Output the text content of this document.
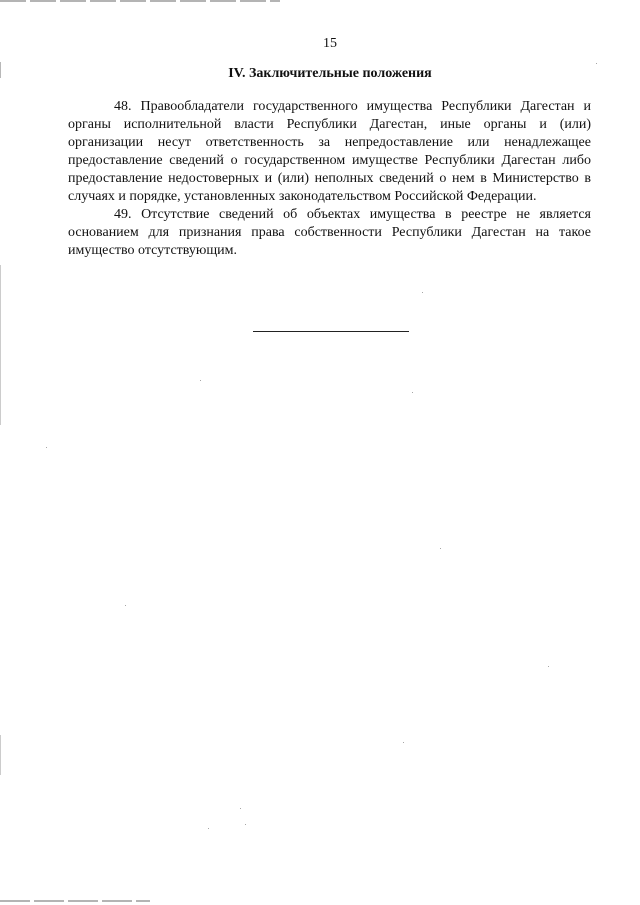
15
IV. Заключительные положения

48. Правообладатели государственного имущества Республики Дагестан и органы исполнительной власти Республики Дагестан, иные органы и (или) организации несут ответственность за непредоставление или ненадлежащее предоставление сведений о государственном имуществе Республики Дагестан либо предоставление недостоверных и (или) неполных сведений о нем в Министерство в случаях и порядке, установленных законодательством Российской Федерации.

49. Отсутствие сведений об объектах имущества в реестре не является основанием для признания права собственности Республики Дагестан на такое имущество отсутствующим.
